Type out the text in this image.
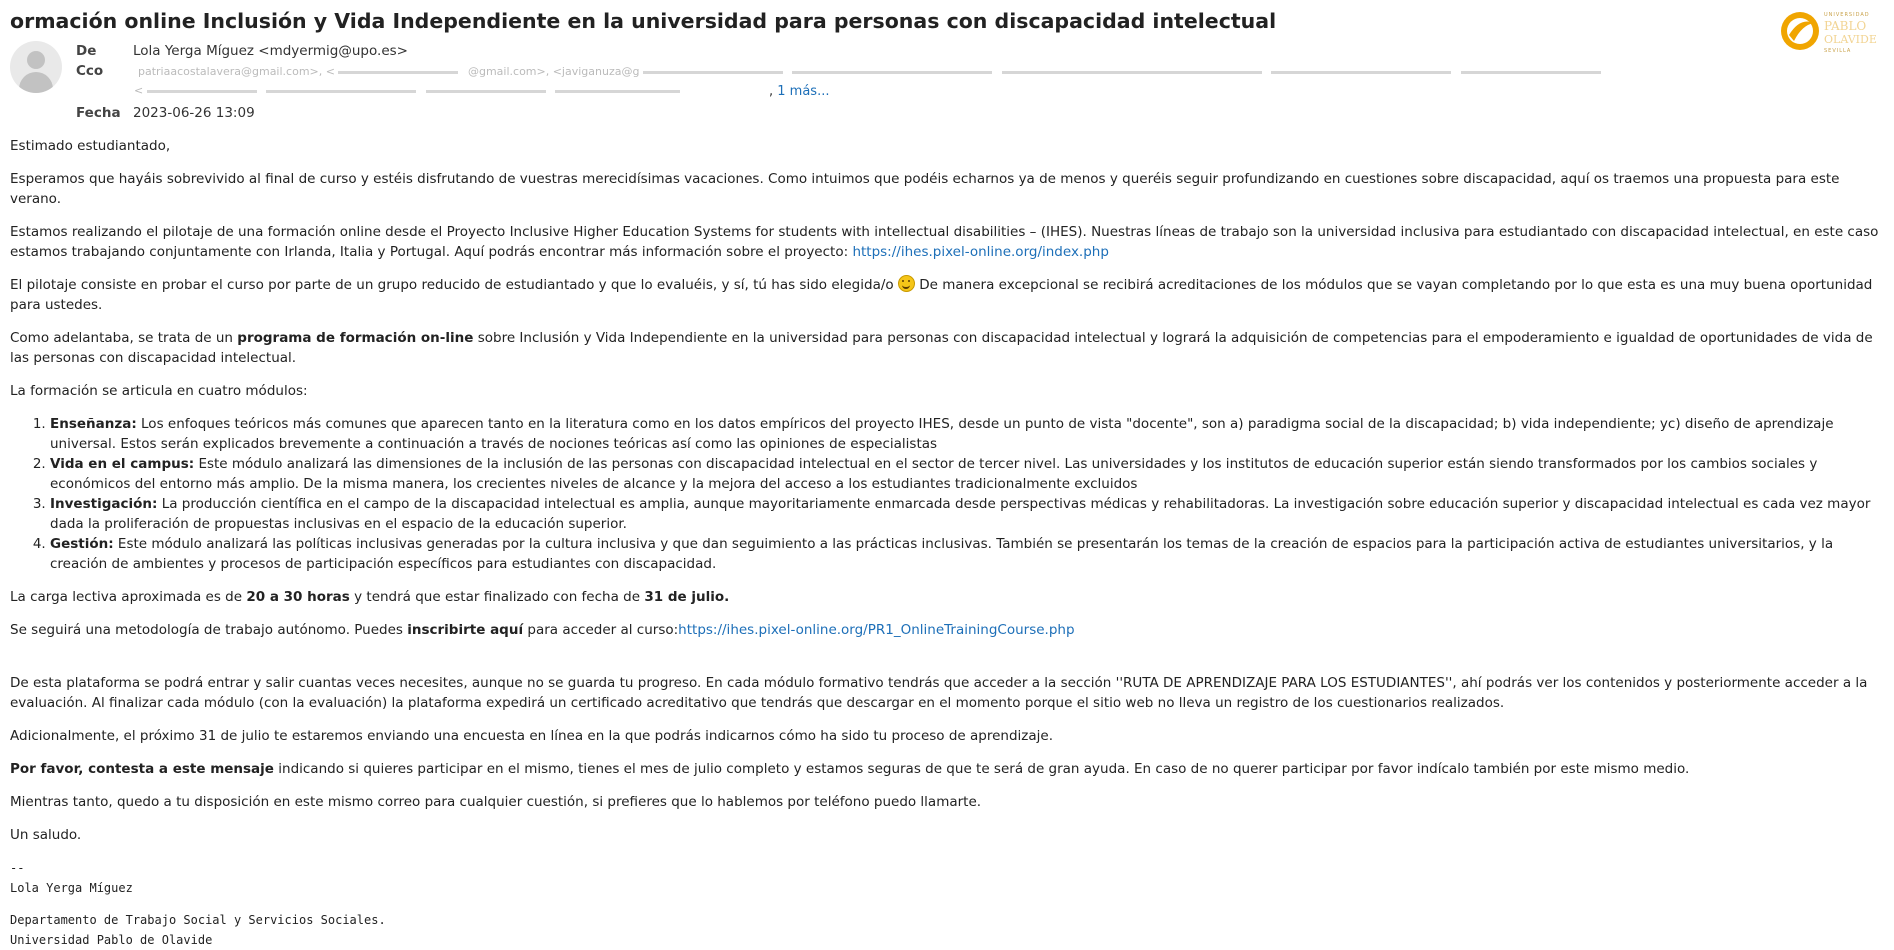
ormación online Inclusión y Vida Independiente en la universidad para personas con discapacidad intelectual	UNIVERSIDAD
PABLO
OLAVIDE
SEVILLA
De	Lola Yerga Míguez <mdyermig@upo.es>
Cco	patriaacostalavera@gmail.com>, <	@gmail.com>, <javiganuza@g
<	, 1 más...
Fecha 2023-06-26 13:09

Estimado estudiantado,

Esperamos que hayáis sobrevivido al final de curso y estéis disfrutando de vuestras merecidísimas vacaciones. Como intuimos que podéis echarnos ya de menos y queréis seguir profundizando en cuestiones sobre discapacidad, aquí os traemos una propuesta para este verano.

Estamos realizando el pilotaje de una formación online desde el Proyecto Inclusive Higher Education Systems for students with intellectual disabilities – (IHES). Nuestras líneas de trabajo son la universidad inclusiva para estudiantado con discapacidad intelectual, en este caso estamos trabajando conjuntamente con Irlanda, Italia y Portugal. Aquí podrás encontrar más información sobre el proyecto: https://ihes.pixel-online.org/index.php

El pilotaje consiste en probar el curso por parte de un grupo reducido de estudiantado y que lo evaluéis, y sí, tú has sido elegida/o  De manera excepcional se recibirá acreditaciones de los módulos que se vayan completando por lo que esta es una muy buena oportunidad para ustedes.

Como adelantaba, se trata de un programa de formación on-line sobre Inclusión y Vida Independiente en la universidad para personas con discapacidad intelectual y logrará la adquisición de competencias para el empoderamiento e igualdad de oportunidades de vida de las personas con discapacidad intelectual.

La formación se articula en cuatro módulos:

1. Enseñanza: Los enfoques teóricos más comunes que aparecen tanto en la literatura como en los datos empíricos del proyecto IHES, desde un punto de vista "docente", son a) paradigma social de la discapacidad; b) vida independiente; yc) diseño de aprendizaje universal. Estos serán explicados brevemente a continuación a través de nociones teóricas así como las opiniones de especialistas
2. Vida en el campus: Este módulo analizará las dimensiones de la inclusión de las personas con discapacidad intelectual en el sector de tercer nivel. Las universidades y los institutos de educación superior están siendo transformados por los cambios sociales y económicos del entorno más amplio. De la misma manera, los crecientes niveles de alcance y la mejora del acceso a los estudiantes tradicionalmente excluidos
3. Investigación: La producción científica en el campo de la discapacidad intelectual es amplia, aunque mayoritariamente enmarcada desde perspectivas médicas y rehabilitadoras. La investigación sobre educación superior y discapacidad intelectual es cada vez mayor dada la proliferación de propuestas inclusivas en el espacio de la educación superior.
4. Gestión: Este módulo analizará las políticas inclusivas generadas por la cultura inclusiva y que dan seguimiento a las prácticas inclusivas. También se presentarán los temas de la creación de espacios para la participación activa de estudiantes universitarios, y la creación de ambientes y procesos de participación específicos para estudiantes con discapacidad.

La carga lectiva aproximada es de 20 a 30 horas y tendrá que estar finalizado con fecha de 31 de julio.

Se seguirá una metodología de trabajo autónomo. Puedes inscribirte aquí para acceder al curso:https://ihes.pixel-online.org/PR1_OnlineTrainingCourse.php

De esta plataforma se podrá entrar y salir cuantas veces necesites, aunque no se guarda tu progreso. En cada módulo formativo tendrás que acceder a la sección ''RUTA DE APRENDIZAJE PARA LOS ESTUDIANTES'', ahí podrás ver los contenidos y posteriormente acceder a la evaluación. Al finalizar cada módulo (con la evaluación) la plataforma expedirá un certificado acreditativo que tendrás que descargar en el momento porque el sitio web no lleva un registro de los cuestionarios realizados.

Adicionalmente, el próximo 31 de julio te estaremos enviando una encuesta en línea en la que podrás indicarnos cómo ha sido tu proceso de aprendizaje.

Por favor, contesta a este mensaje indicando si quieres participar en el mismo, tienes el mes de julio completo y estamos seguras de que te será de gran ayuda. En caso de no querer participar por favor indícalo también por este mismo medio.

Mientras tanto, quedo a tu disposición en este mismo correo para cualquier cuestión, si prefieres que lo hablemos por teléfono puedo llamarte.

Un saludo.

--
Lola Yerga Míguez
Departamento de Trabajo Social y Servicios Sociales.
Universidad Pablo de Olavide
